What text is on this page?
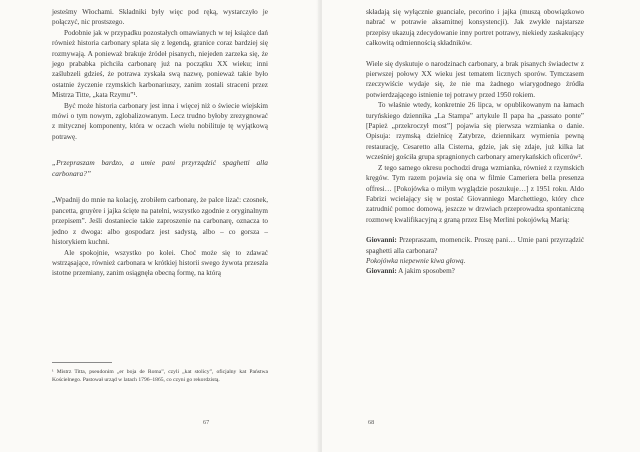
jesteśmy Włochami. Składniki były więc pod ręką, wystarczyło je połączyć, nic prostszego.

Podobnie jak w przypadku pozostałych omawianych w tej książce dań również historia carbonary splata się z legendą, granice coraz bardziej się rozmywają. A ponieważ brakuje źródeł pisanych, niejeden zarzeka się, że jego prababka pichciła carbonarę już na początku XX wieku; inni zaślubzeli gdzieś, że potrawa zyskała swą nazwę, ponieważ takie było ostatnie życzenie rzymskich karbonariuszy, zanim zostali straceni przez Mistrza Titte, „kata Rzymu”¹.

Być może historia carbonary jest inna i więcej niż o świecie wiejskim mówi o tym nowym, zglobalizowanym. Lecz trudno byłoby zrezygnować z mitycznej komponenty, która w oczach wielu nobilituje tę wyjątkową potrawę.

„Przepraszam bardzo, a umie pani przyrządzić spaghetti alla carbonara?”

„Wpadnij do mnie na kolację, zrobiłem carbonarę, że palce lizać: czosnek, pancetta, gruyère i jajka ścięte na patelni, wszystko zgodnie z oryginalnym przepisem”. Jeśli dostaniecie takie zaproszenie na carbonarę, oznacza to jedno z dwoga: albo gospodarz jest sadystą, albo – co gorsza – historykiem kuchni.

Ale spokojnie, wszystko po kolei. Choć może się to zdawać wstrząsające, również carbonara w krótkiej historii swego żywota przeszła istotne przemiany, zanim osiągnęła obecną formę, na którą

¹ Mistrz Titta, pseudonim „er boja de Roma”, czyli „kat stolicy”, oficjalny kat Państwa Kościelnego. Pastował urząd w latach 1796–1865, co czyni go rekordzistą.

67

składają się wyłącznie guanciale, pecorino i jajka (muszą obowiązkowo nabrać w potrawie aksamitnej konsystencji). Jak zwykle najstarsze przepisy ukazują zdecydowanie inny portret potrawy, niekiedy zaskakujący całkowitą odmiennością składników.

Wiele się dyskutuje o narodzinach carbonary, a brak pisanych świadectw z pierwszej połowy XX wieku jest tematem licznych sporów. Tymczasem rzeczywiście wydaje się, że nie ma żadnego wiarygodnego źródła potwierdzającego istnienie tej potrawy przed 1950 rokiem.

To właśnie wtedy, konkretnie 26 lipca, w opublikowanym na łamach turyńskiego dziennika „La Stampa” artykule Il papa ha „passato ponte” [Papież „przekroczył most”] pojawia się pierwsza wzmianka o danie. Opisuja: rzymską dzielnicę Zatybrze, dziennikarz wymienia pewną restaurację, Cesaretto alla Cisterna, gdzie, jak się zdaje, już kilka lat wcześniej gościła grupa spragnionych carbonary amerykańskich oficerów².

Z tego samego okresu pochodzi druga wzmianka, również z rzymskich kręgów. Tym razem pojawia się ona w filmie Cameriera bella presenza offresi… [Pokojówka o miłym wyglądzie poszukuje…] z 1951 roku. Aldo Fabrizi wcielający się w postać Giovanniego Marchettiego, który chce zatrudnić pomoc domową, jeszcze w drzwiach przeprowadza spontaniczną rozmowę kwalifikacyjną z graną przez Elsę Merlini pokojówką Marią:

Giovanni: Przepraszam, momencik. Proszę pani… Umie pani przyrządzić spaghetti alla carbonara?

Pokojówka niepewnie kiwa głową.

Giovanni: A jakim sposobem?

68
